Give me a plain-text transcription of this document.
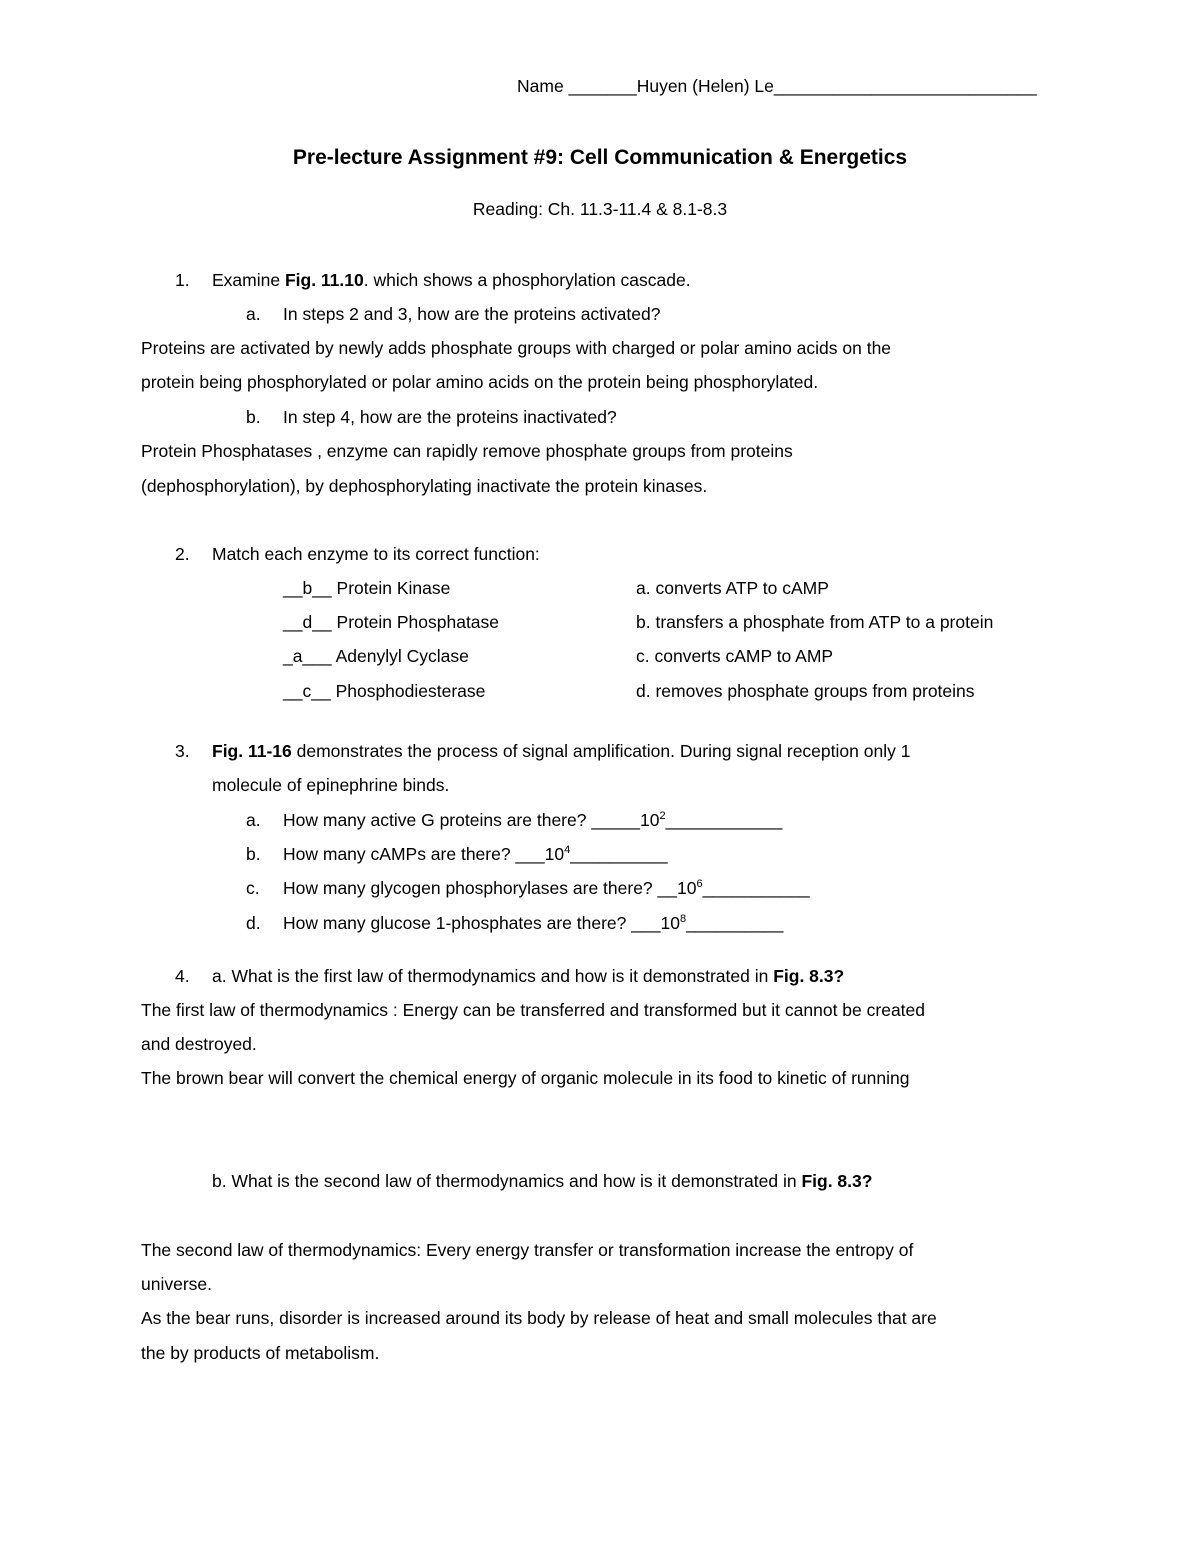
Name _______Huyen (Helen) Le___________________________
Pre-lecture Assignment #9: Cell Communication & Energetics
Reading: Ch. 11.3-11.4 & 8.1-8.3
1. Examine Fig. 11.10. which shows a phosphorylation cascade.
a. In steps 2 and 3, how are the proteins activated?
Proteins are activated by newly adds phosphate groups with charged or polar amino acids on the
protein being phosphorylated or polar amino acids on the protein being phosphorylated.
b. In step 4, how are the proteins inactivated?
Protein Phosphatases , enzyme can rapidly remove phosphate groups from proteins
(dephosphorylation), by dephosphorylating inactivate the protein kinases.
2. Match each enzyme to its correct function:
__b__ Protein Kinase
__d__ Protein Phosphatase
_a___ Adenylyl Cyclase
__c__ Phosphodiesterase
a. converts ATP to cAMP
b. transfers a phosphate from ATP to a protein
c. converts cAMP to AMP
d. removes phosphate groups from proteins
3. Fig. 11-16 demonstrates the process of signal amplification. During signal reception only 1
molecule of epinephrine binds.
a. How many active G proteins are there? $\_\_\_\_\_10^2\_\_\_\_\_\_\_\_\_\_\_\_$
b. How many cAMPs are there? $\_\_\_10^4\_\_\_\_\_\_\_\_\_\_$
c. How many glycogen phosphorylases are there? $\_\_10^6\_\_\_\_\_\_\_\_\_\_\_$
d. How many glucose 1-phosphates are there? $\_\_\_10^8\_\_\_\_\_\_\_\_\_\_$
4. a. What is the first law of thermodynamics and how is it demonstrated in Fig. 8.3?
The first law of thermodynamics : Energy can be transferred and transformed but it cannot be created
and destroyed.
The brown bear will convert the chemical energy of organic molecule in its food to kinetic of running
b. What is the second law of thermodynamics and how is it demonstrated in Fig. 8.3?
The second law of thermodynamics: Every energy transfer or transformation increase the entropy of
universe.
As the bear runs, disorder is increased around its body by release of heat and small molecules that are
the by products of metabolism.
